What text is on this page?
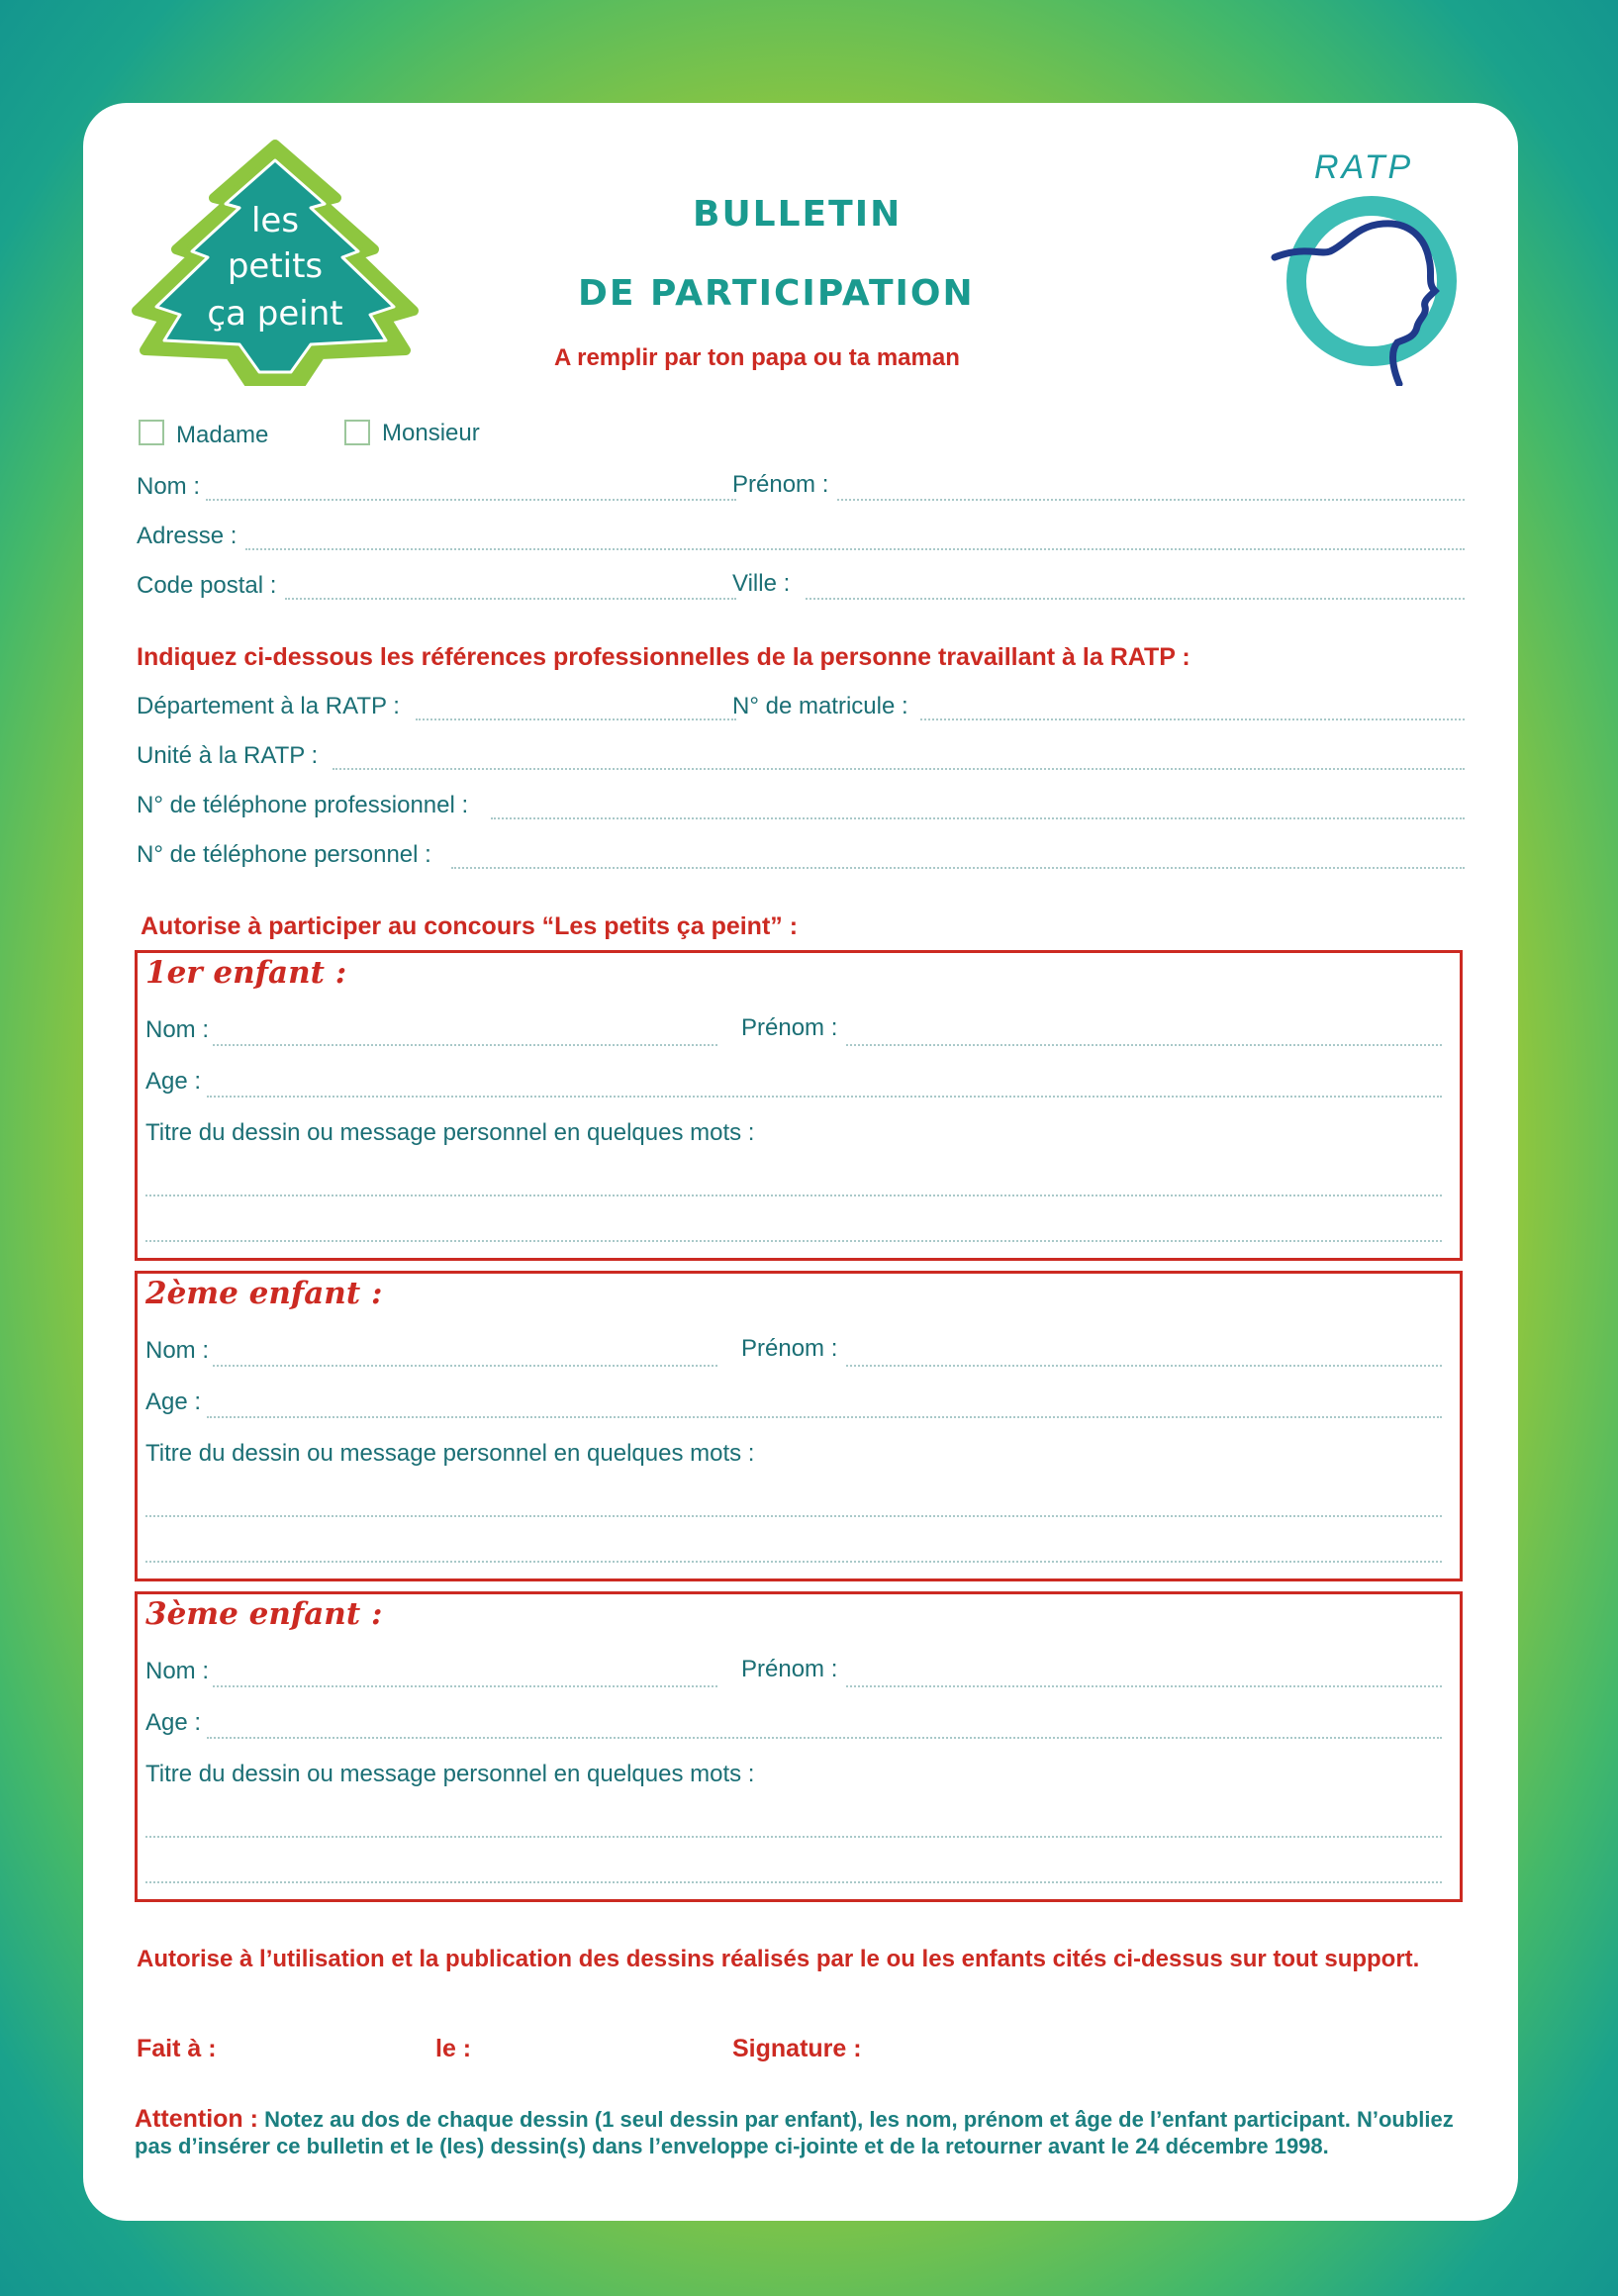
les
petits
ça peint
BULLETIN
DE PARTICIPATION
A remplir par ton papa ou ta maman
RATP
Madame	Monsieur
Nom :	Prénom :
Adresse :
Code postal :	Ville :
Indiquez ci-dessous les références professionnelles de la personne travaillant à la RATP :
Département à la RATP :	N° de matricule :
Unité à la RATP :
N° de téléphone professionnel :
N° de téléphone personnel :
Autorise à participer au concours “Les petits ça peint” :
1er enfant :
Nom :	Prénom :
Age :
Titre du dessin ou message personnel en quelques mots :
2ème enfant :
Nom :	Prénom :
Age :
Titre du dessin ou message personnel en quelques mots :
3ème enfant :
Nom :	Prénom :
Age :
Titre du dessin ou message personnel en quelques mots :
Autorise à l’utilisation et la publication des dessins réalisés par le ou les enfants cités ci-dessus sur tout support.
Fait à :	le :	Signature :
Attention : Notez au dos de chaque dessin (1 seul dessin par enfant), les nom, prénom et âge de l’enfant participant. N’oubliez pas d’insérer ce bulletin et le (les) dessin(s) dans l’enveloppe ci-jointe et de la retourner avant le 24 décembre 1998.
